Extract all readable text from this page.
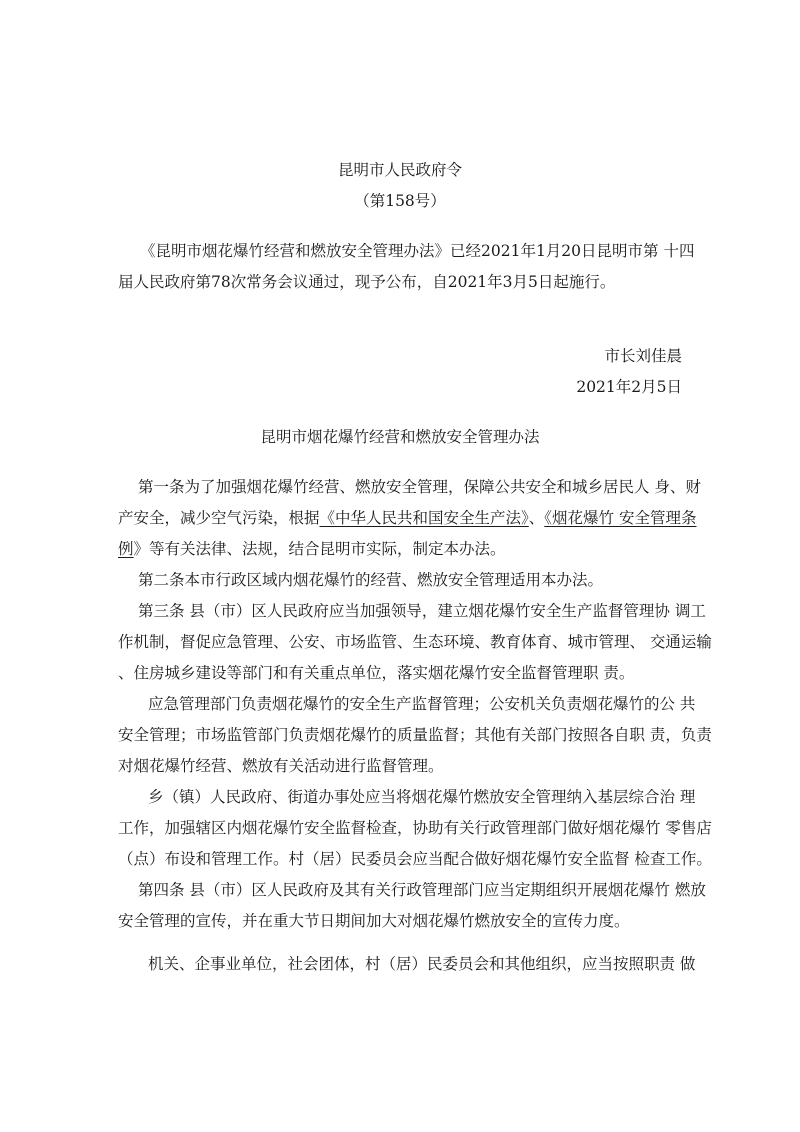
昆明市人民政府令
（第158号）
《昆明市烟花爆竹经营和燃放安全管理办法》已经2021年1月20日昆明市第 十四
届人民政府第78次常务会议通过，现予公布，自2021年3月5日起施行。
市长刘佳晨
2021年2月5日
昆明市烟花爆竹经营和燃放安全管理办法
第一条为了加强烟花爆竹经营、燃放安全管理，保障公共安全和城乡居民人 身、财
产安全，减少空气污染，根据《中华人民共和国安全生产法》、《烟花爆竹 安全管理条
例》等有关法律、法规，结合昆明市实际，制定本办法。
第二条本市行政区域内烟花爆竹的经营、燃放安全管理适用本办法。
第三条 县（市）区人民政府应当加强领导，建立烟花爆竹安全生产监督管理协 调工
作机制，督促应急管理、公安、市场监管、生态环境、教育体育、城市管理、 交通运输
、住房城乡建设等部门和有关重点单位，落实烟花爆竹安全监督管理职 责。
应急管理部门负责烟花爆竹的安全生产监督管理；公安机关负责烟花爆竹的公 共
安全管理；市场监管部门负责烟花爆竹的质量监督；其他有关部门按照各自职 责，负责
对烟花爆竹经营、燃放有关活动进行监督管理。
乡（镇）人民政府、街道办事处应当将烟花爆竹燃放安全管理纳入基层综合治 理
工作，加强辖区内烟花爆竹安全监督检查，协助有关行政管理部门做好烟花爆竹 零售店
（点）布设和管理工作。村（居）民委员会应当配合做好烟花爆竹安全监督 检查工作。
第四条 县（市）区人民政府及其有关行政管理部门应当定期组织开展烟花爆竹 燃放
安全管理的宣传，并在重大节日期间加大对烟花爆竹燃放安全的宣传力度。
机关、企事业单位，社会团体，村（居）民委员会和其他组织，应当按照职责 做
